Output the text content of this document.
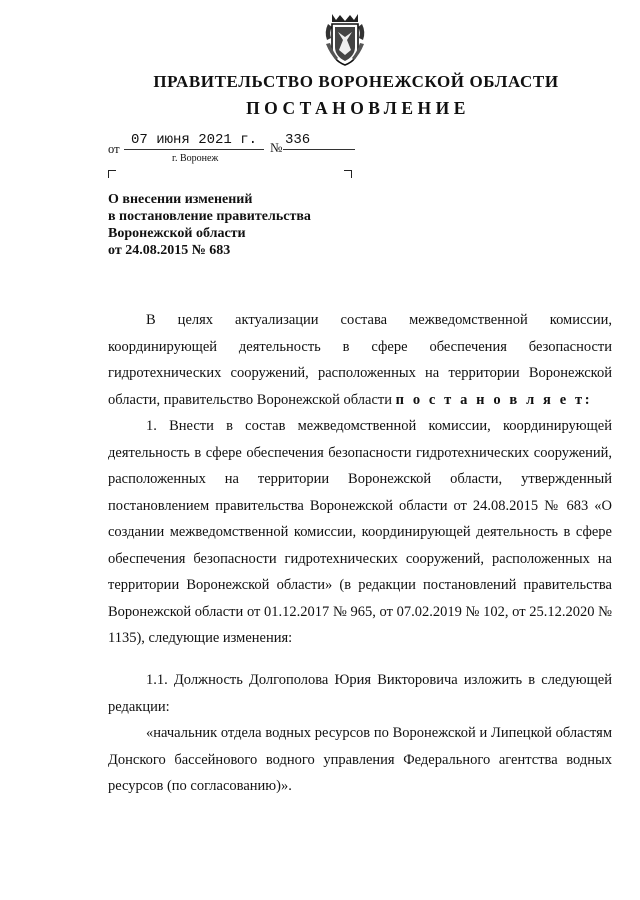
ПРАВИТЕЛЬСТВО ВОРОНЕЖСКОЙ ОБЛАСТИ
ПОСТАНОВЛЕНИЕ
от
07 июня 2021 г. № 336
г. Воронеж
О внесении изменений
в постановление правительства
Воронежской области
от 24.08.2015 № 683

В целях актуализации состава межведомственной комиссии, координирующей деятельность в сфере обеспечения безопасности гидротехнических сооружений, расположенных на территории Воронежской области, правительство Воронежской области п о с т а н о в л я е т:

1. Внести в состав межведомственной комиссии, координирующей деятельность в сфере обеспечения безопасности гидротехнических сооружений, расположенных на территории Воронежской области, утвержденный постановлением правительства Воронежской области от 24.08.2015 № 683 «О создании межведомственной комиссии, координирующей деятельность в сфере обеспечения безопасности гидротехнических сооружений, расположенных на территории Воронежской области» (в редакции постановлений правительства Воронежской области от 01.12.2017 № 965, от 07.02.2019 № 102, от 25.12.2020 № 1135), следующие изменения:

1.1. Должность Долгополова Юрия Викторовича изложить в следующей редакции:

«начальник отдела водных ресурсов по Воронежской и Липецкой областям Донского бассейнового водного управления Федерального агентства водных ресурсов (по согласованию)».
